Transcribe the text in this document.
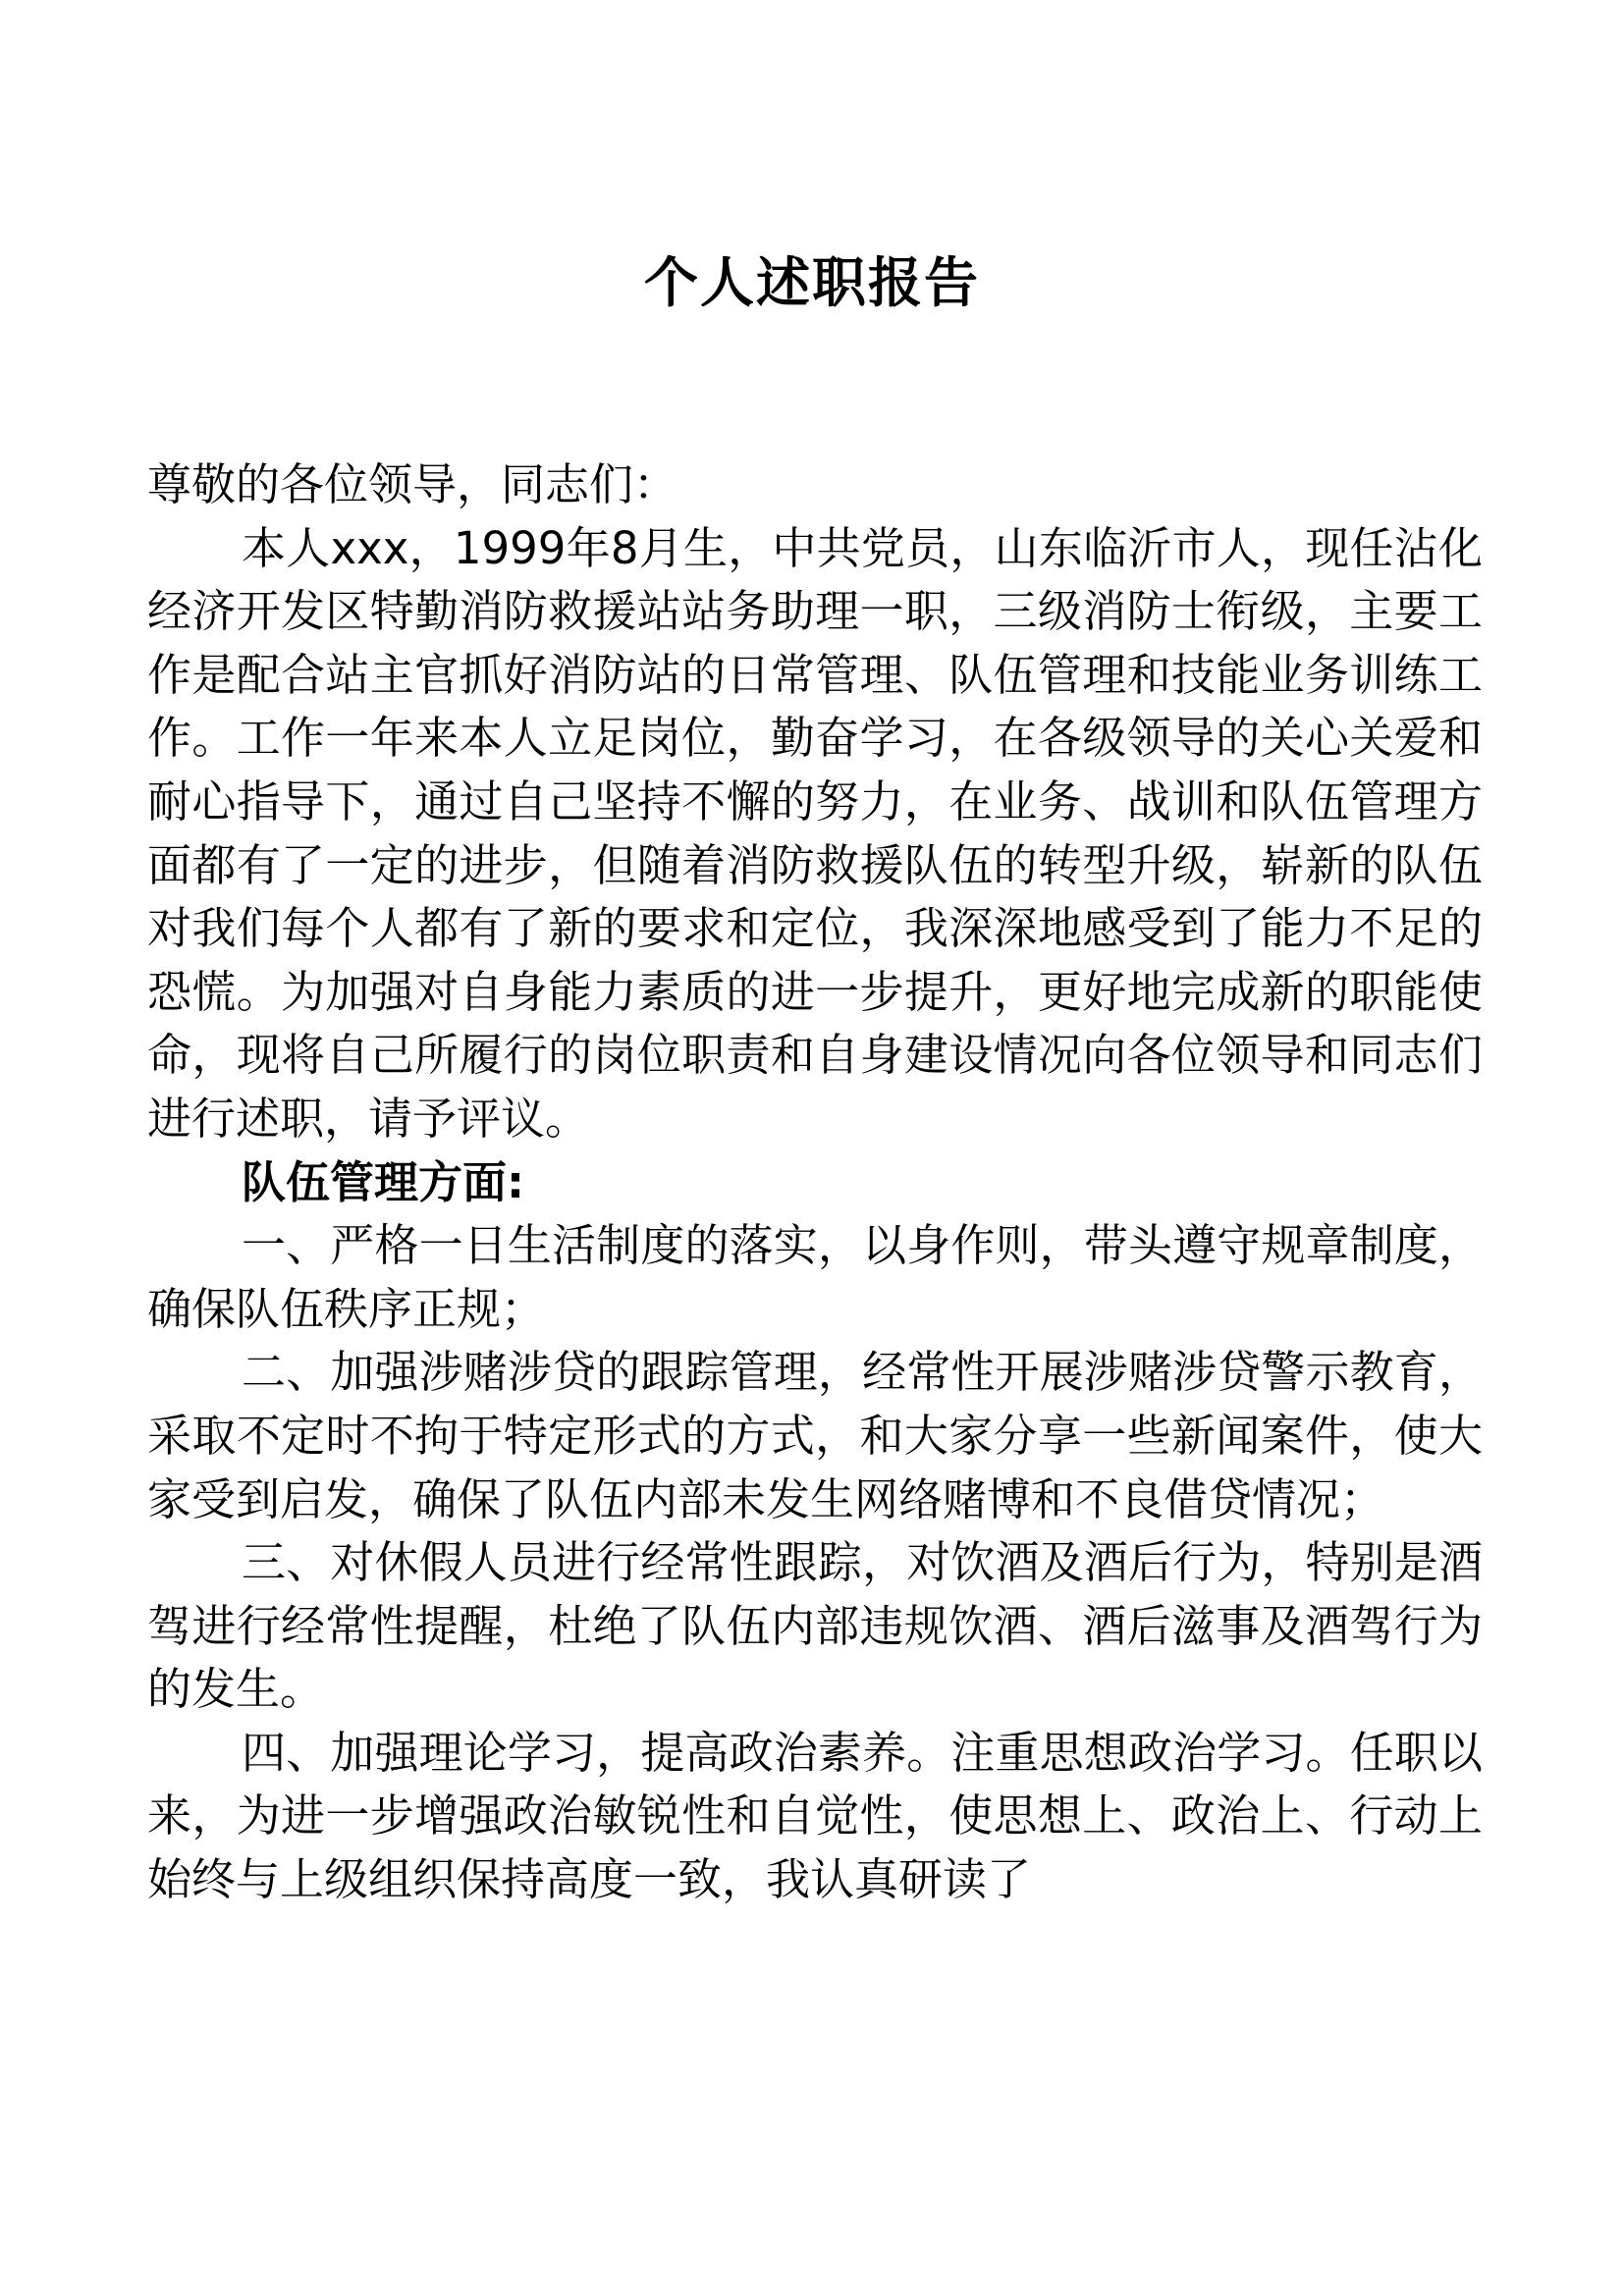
个人述职报告

尊敬的各位领导，同志们：

本人xxx，1999年8月生，中共党员，山东临沂市人，现任沾化经济开发区特勤消防救援站站务助理一职，三级消防士衔级，主要工作是配合站主官抓好消防站的日常管理、队伍管理和技能业务训练工作。工作一年来本人立足岗位，勤奋学习，在各级领导的关心关爱和耐心指导下，通过自己坚持不懈的努力，在业务、战训和队伍管理方面都有了一定的进步，但随着消防救援队伍的转型升级，崭新的队伍对我们每个人都有了新的要求和定位，我深深地感受到了能力不足的恐慌。为加强对自身能力素质的进一步提升，更好地完成新的职能使命，现将自己所履行的岗位职责和自身建设情况向各位领导和同志们进行述职，请予评议。

队伍管理方面:

一、严格一日生活制度的落实，以身作则，带头遵守规章制度，确保队伍秩序正规；

二、加强涉赌涉贷的跟踪管理，经常性开展涉赌涉贷警示教育，采取不定时不拘于特定形式的方式，和大家分享一些新闻案件，使大家受到启发，确保了队伍内部未发生网络赌博和不良借贷情况；

三、对休假人员进行经常性跟踪，对饮酒及酒后行为，特别是酒驾进行经常性提醒，杜绝了队伍内部违规饮酒、酒后滋事及酒驾行为的发生。

四、加强理论学习，提高政治素养。注重思想政治学习。任职以来，为进一步增强政治敏锐性和自觉性，使思想上、政治上、行动上始终与上级组织保持高度一致，我认真研读了
